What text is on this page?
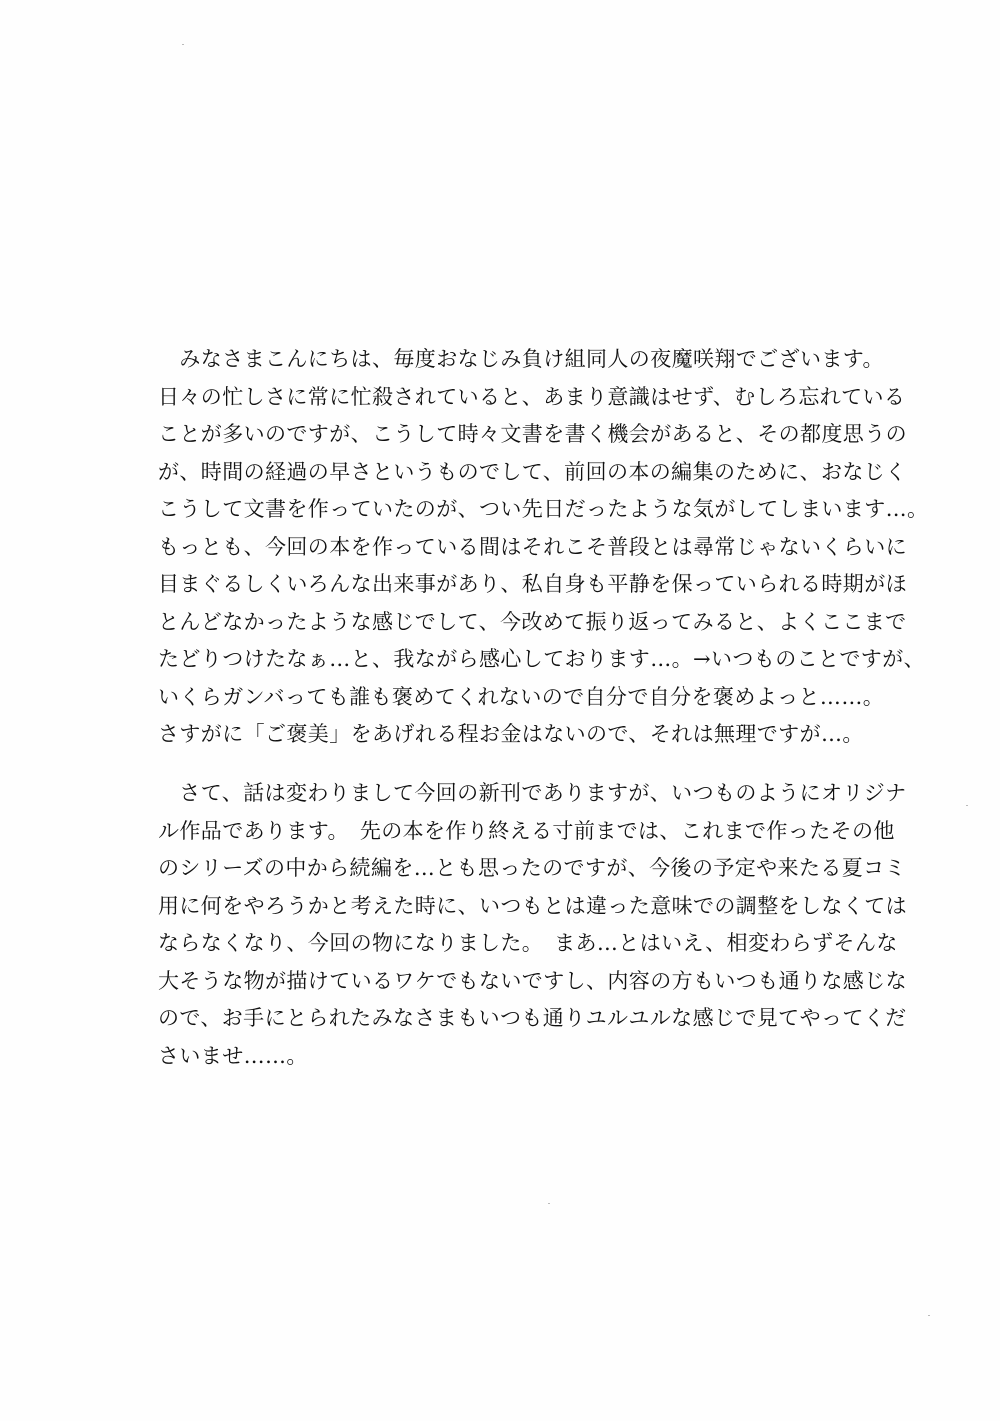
　みなさまこんにちは、毎度おなじみ負け組同人の夜魔咲翔でございます。
日々の忙しさに常に忙殺されていると、あまり意識はせず、むしろ忘れている
ことが多いのですが、こうして時々文書を書く機会があると、その都度思うの
が、時間の経過の早さというものでして、前回の本の編集のために、おなじく
こうして文書を作っていたのが、つい先日だったような気がしてしまいます…。
もっとも、今回の本を作っている間はそれこそ普段とは尋常じゃないくらいに
目まぐるしくいろんな出来事があり、私自身も平静を保っていられる時期がほ
とんどなかったような感じでして、今改めて振り返ってみると、よくここまで
たどりつけたなぁ…と、我ながら感心しております…。→いつものことですが、
いくらガンバっても誰も褒めてくれないので自分で自分を褒めよっと……。
さすがに「ご褒美」をあげれる程お金はないので、それは無理ですが…。
　さて、話は変わりまして今回の新刊でありますが、いつものようにオリジナ
ル作品であります。　先の本を作り終える寸前までは、これまで作ったその他
のシリーズの中から続編を…とも思ったのですが、今後の予定や来たる夏コミ
用に何をやろうかと考えた時に、いつもとは違った意味での調整をしなくては
ならなくなり、今回の物になりました。　まあ…とはいえ、相変わらずそんな
大そうな物が描けているワケでもないですし、内容の方もいつも通りな感じな
ので、お手にとられたみなさまもいつも通りユルユルな感じで見てやってくだ
さいませ……。
